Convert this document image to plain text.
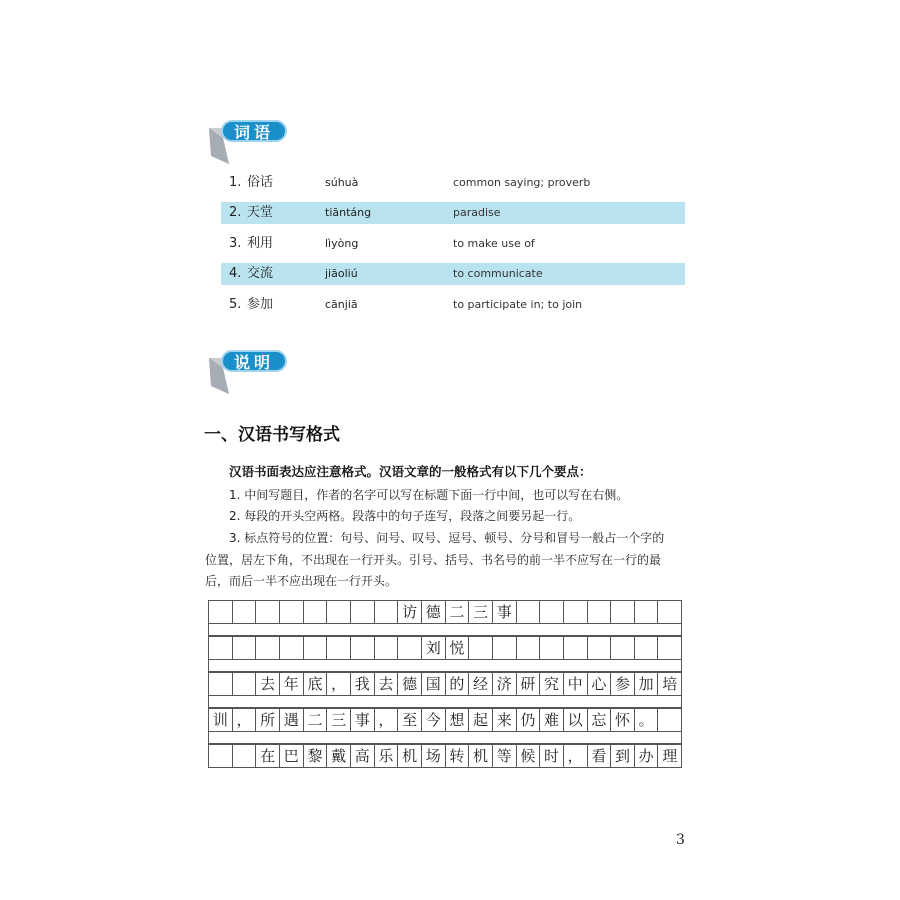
词语
1. 俗话	súhuà	common saying; proverb
2. 天堂	tiāntáng	paradise
3. 利用	lìyòng	to make use of
4. 交流	jiāoliú	to communicate
5. 参加	cānjiā	to participate in; to join
说明
一、汉语书写格式
汉语书面表达应注意格式。汉语文章的一般格式有以下几个要点：
1. 中间写题目，作者的名字可以写在标题下面一行中间，也可以写在右侧。
2. 每段的开头空两格。段落中的句子连写，段落之间要另起一行。
3. 标点符号的位置：句号、问号、叹号、逗号、顿号、分号和冒号一般占一个字的
位置，居左下角，不出现在一行开头。引号、括号、书名号的前一半不应写在一行的最
后，而后一半不应出现在一行开头。
访 德 二 三 事
刘 悦
去 年 底 ， 我 去 德 国 的 经 济 研 究 中 心 参 加 培
训 ， 所 遇 二 三 事 ， 至 今 想 起 来 仍 难 以 忘 怀 。
在 巴 黎 戴 高 乐 机 场 转 机 等 候 时 ， 看 到 办 理
3
